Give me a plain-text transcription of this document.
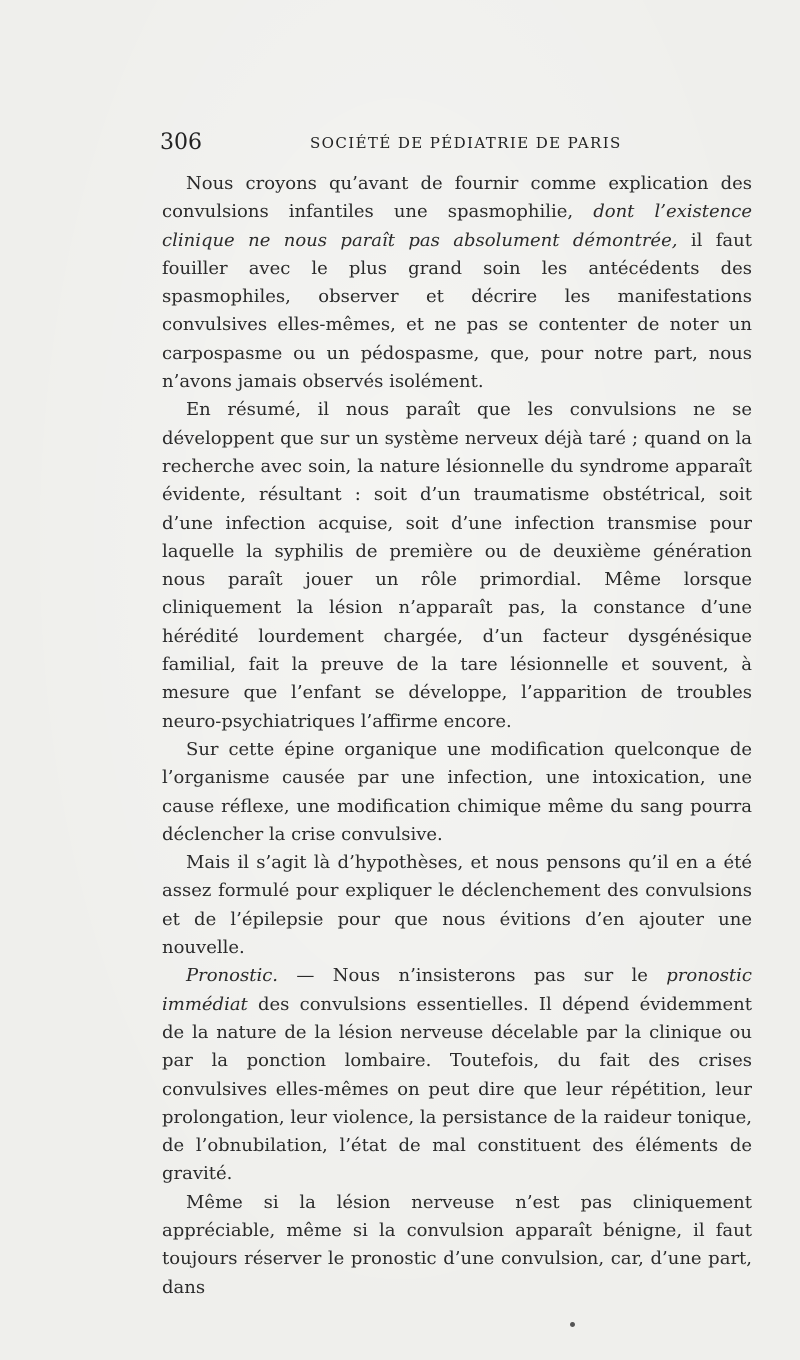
306	SOCIÉTÉ DE PÉDIATRIE DE PARIS

Nous croyons qu’avant de fournir comme explication des convulsions infantiles une spasmophilie, dont l’existence clinique ne nous paraît pas absolument démontrée, il faut fouiller avec le plus grand soin les antécédents des spasmophiles, observer et décrire les manifestations convulsives elles-mêmes, et ne pas se contenter de noter un carpospasme ou un pédospasme, que, pour notre part, nous n’avons jamais observés isolément.

En résumé, il nous paraît que les convulsions ne se développent que sur un système nerveux déjà taré ; quand on la recherche avec soin, la nature lésionnelle du syndrome apparaît évidente, résultant : soit d’un traumatisme obstétrical, soit d’une infection acquise, soit d’une infection transmise pour laquelle la syphilis de première ou de deuxième génération nous paraît jouer un rôle primordial. Même lorsque cliniquement la lésion n’apparaît pas, la constance d’une hérédité lourdement chargée, d’un facteur dysgénésique familial, fait la preuve de la tare lésionnelle et souvent, à mesure que l’enfant se développe, l’apparition de troubles neuro-psychiatriques l’affirme encore.

Sur cette épine organique une modification quelconque de l’organisme causée par une infection, une intoxication, une cause réflexe, une modification chimique même du sang pourra déclencher la crise convulsive.

Mais il s’agit là d’hypothèses, et nous pensons qu’il en a été assez formulé pour expliquer le déclenchement des convulsions et de l’épilepsie pour que nous évitions d’en ajouter une nouvelle.

Pronostic. — Nous n’insisterons pas sur le pronostic immédiat des convulsions essentielles. Il dépend évidemment de la nature de la lésion nerveuse décelable par la clinique ou par la ponction lombaire. Toutefois, du fait des crises convulsives elles-mêmes on peut dire que leur répétition, leur prolongation, leur violence, la persistance de la raideur tonique, de l’obnubilation, l’état de mal constituent des éléments de gravité.

Même si la lésion nerveuse n’est pas cliniquement appréciable, même si la convulsion apparaît bénigne, il faut toujours réserver le pronostic d’une convulsion, car, d’une part, dans
